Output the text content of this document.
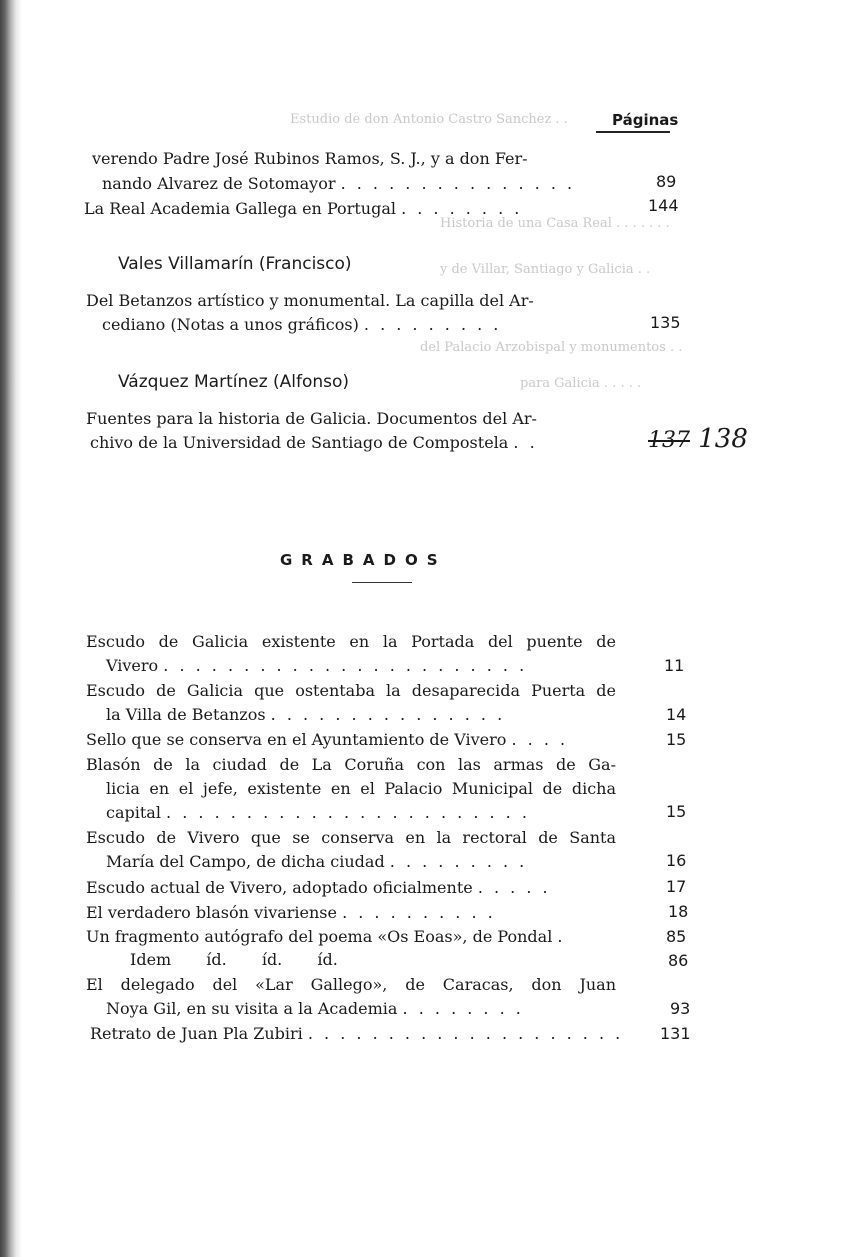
Estudio de don Antonio Castro Sanchez . .
Historia de una Casa Real . . . . . . .
y de Villar, Santiago y Galicia . .
del Palacio Arzobispal y monumentos . .
para Galicia . . . . .
Páginas
verendo Padre José Rubinos Ramos, S. J., y a don Fer-
nando Alvarez de Sotomayor . . . . . . . . . . . . . . .	89
La Real Academia Gallega en Portugal . . . . . . . .	144
Vales Villamarín (Francisco)
Del Betanzos artístico y monumental. La capilla del Ar-
cediano (Notas a unos gráficos) . . . . . . . . .	135
Vázquez Martínez (Alfonso)
Fuentes para la historia de Galicia. Documentos del Ar-
chivo de la Universidad de Santiago de Compostela . .	137 138
GRABADOS
Escudo de Galicia existente en la Portada del puente de
Vivero . . . . . . . . . . . . . . . . . . . . . . .	11
Escudo de Galicia que ostentaba la desaparecida Puerta de
la Villa de Betanzos . . . . . . . . . . . . . . .	14
Sello que se conserva en el Ayuntamiento de Vivero . . . .	15
Blasón de la ciudad de La Coruña con las armas de Ga-
licia en el jefe, existente en el Palacio Municipal de dicha
capital . . . . . . . . . . . . . . . . . . . . . . .	15
Escudo de Vivero que se conserva en la rectoral de Santa
María del Campo, de dicha ciudad . . . . . . . . .	16
Escudo actual de Vivero, adoptado oficialmente . . . . .	17
El verdadero blasón vivariense . . . . . . . . . .	18
Un fragmento autógrafo del poema «Os Eoas», de Pondal .	85
Idem íd. íd. íd.	86
El delegado del «Lar Gallego», de Caracas, don Juan
Noya Gil, en su visita a la Academia . . . . . . . .	93
Retrato de Juan Pla Zubiri . . . . . . . . . . . . . . . . . . . . 131
